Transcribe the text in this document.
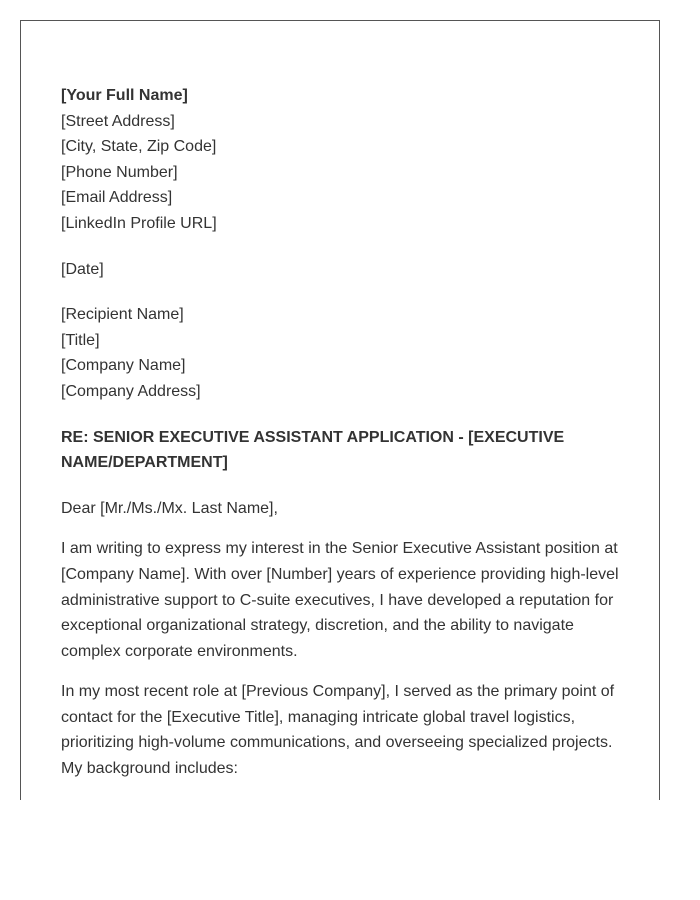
[Your Full Name]
[Street Address]
[City, State, Zip Code]
[Phone Number]
[Email Address]
[LinkedIn Profile URL]
[Date]
[Recipient Name]
[Title]
[Company Name]
[Company Address]
RE: SENIOR EXECUTIVE ASSISTANT APPLICATION - [EXECUTIVE
NAME/DEPARTMENT]
Dear [Mr./Ms./Mx. Last Name],
I am writing to express my interest in the Senior Executive Assistant position at
[Company Name]. With over [Number] years of experience providing high-level
administrative support to C-suite executives, I have developed a reputation for
exceptional organizational strategy, discretion, and the ability to navigate
complex corporate environments.
In my most recent role at [Previous Company], I served as the primary point of
contact for the [Executive Title], managing intricate global travel logistics,
prioritizing high-volume communications, and overseeing specialized projects.
My background includes:
